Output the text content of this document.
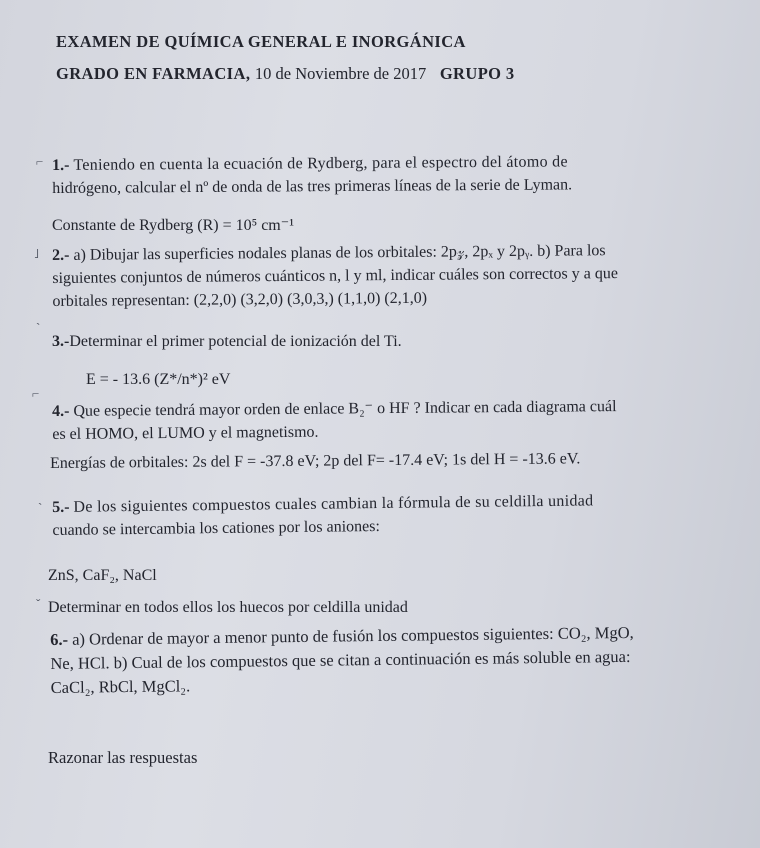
EXAMEN DE QUÍMICA GENERAL E INORGÁNICA
GRADO EN FARMACIA, 10 de Noviembre de 2017 GRUPO 3
⌐
˩
ˋ
⌐
ˋ
ˇ
1.- Teniendo en cuenta la ecuación de Rydberg, para el espectro del átomo de
hidrógeno, calcular el nº de onda de las tres primeras líneas de la serie de Lyman.
Constante de Rydberg (R) = 10⁵ cm⁻¹
2.- a) Dibujar las superficies nodales planas de los orbitales: 2p𝓏, 2pₓ y 2pᵧ. b) Para los
siguientes conjuntos de números cuánticos n, l y ml, indicar cuáles son correctos y a que
orbitales representan: (2,2,0) (3,2,0) (3,0,3,) (1,1,0) (2,1,0)
3.-Determinar el primer potencial de ionización del Ti.
E = - 13.6 (Z*/n*)² eV
4.- Que especie tendrá mayor orden de enlace B₂⁻ o HF ? Indicar en cada diagrama cuál
es el HOMO, el LUMO y el magnetismo.
Energías de orbitales: 2s del F = -37.8 eV; 2p del F= -17.4 eV; 1s del H = -13.6 eV.
5.- De los siguientes compuestos cuales cambian la fórmula de su celdilla unidad
cuando se intercambia los cationes por los aniones:
ZnS, CaF₂, NaCl
Determinar en todos ellos los huecos por celdilla unidad
6.- a) Ordenar de mayor a menor punto de fusión los compuestos siguientes: CO₂, MgO,
Ne, HCl. b) Cual de los compuestos que se citan a continuación es más soluble en agua:
CaCl₂, RbCl, MgCl₂.
Razonar las respuestas
